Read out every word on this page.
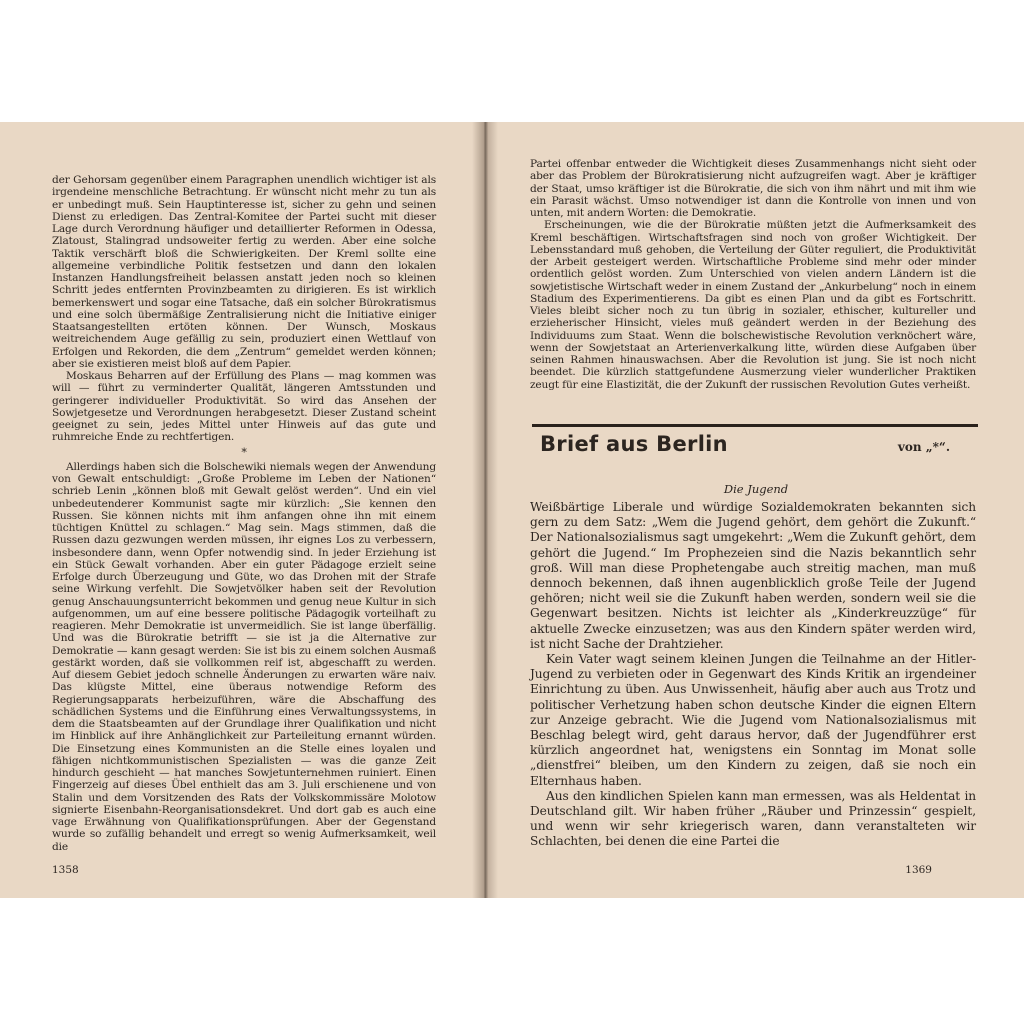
der Gehorsam gegenüber einem Paragraphen unendlich wichtiger ist als irgendeine menschliche Betrachtung. Er wünscht nicht mehr zu tun als er unbedingt muß. Sein Hauptinteresse ist, sicher zu gehn und seinen Dienst zu erledigen. Das Zentral-Komitee der Partei sucht mit dieser Lage durch Verordnung häufiger und detaillierter Reformen in Odessa, Zlatoust, Stalingrad undsoweiter fertig zu werden. Aber eine solche Taktik verschärft bloß die Schwierigkeiten. Der Kreml sollte eine allgemeine verbindliche Politik festsetzen und dann den lokalen Instanzen Handlungsfreiheit belassen anstatt jeden noch so kleinen Schritt jedes entfernten Provinzbeamten zu dirigieren. Es ist wirklich bemerkenswert und sogar eine Tatsache, daß ein solcher Bürokratismus und eine solch übermäßige Zentralisierung nicht die Initiative einiger Staatsangestellten ertöten können. Der Wunsch, Moskaus weitreichendem Auge gefällig zu sein, produziert einen Wettlauf von Erfolgen und Rekorden, die dem „Zentrum“ gemeldet werden können; aber sie existieren meist bloß auf dem Papier.

Moskaus Beharren auf der Erfüllung des Plans — mag kommen was will — führt zu verminderter Qualität, längeren Amtsstunden und geringerer individueller Produktivität. So wird das Ansehen der Sowjetgesetze und Verordnungen herabgesetzt. Dieser Zustand scheint geeignet zu sein, jedes Mittel unter Hinweis auf das gute und ruhmreiche Ende zu rechtfertigen.

*

Allerdings haben sich die Bolschewiki niemals wegen der Anwendung von Gewalt entschuldigt: „Große Probleme im Leben der Nationen“ schrieb Lenin „können bloß mit Gewalt gelöst werden“. Und ein viel unbedeutenderer Kommunist sagte mir kürzlich: „Sie kennen den Russen. Sie können nichts mit ihm anfangen ohne ihn mit einem tüchtigen Knüttel zu schlagen.“ Mag sein. Mags stimmen, daß die Russen dazu gezwungen werden müssen, ihr eignes Los zu verbessern, insbesondere dann, wenn Opfer notwendig sind. In jeder Erziehung ist ein Stück Gewalt vorhanden. Aber ein guter Pädagoge erzielt seine Erfolge durch Überzeugung und Güte, wo das Drohen mit der Strafe seine Wirkung verfehlt. Die Sowjetvölker haben seit der Revolution genug Anschauungsunterricht bekommen und genug neue Kultur in sich aufgenommen, um auf eine bessere politische Pädagogik vorteilhaft zu reagieren. Mehr Demokratie ist unvermeidlich. Sie ist lange überfällig. Und was die Bürokratie betrifft — sie ist ja die Alternative zur Demokratie — kann gesagt werden: Sie ist bis zu einem solchen Ausmaß gestärkt worden, daß sie vollkommen reif ist, abgeschafft zu werden. Auf diesem Gebiet jedoch schnelle Änderungen zu erwarten wäre naiv. Das klügste Mittel, eine überaus notwendige Reform des Regierungsapparats herbeizuführen, wäre die Abschaffung des schädlichen Systems und die Einführung eines Verwaltungssystems, in dem die Staatsbeamten auf der Grundlage ihrer Qualifikation und nicht im Hinblick auf ihre Anhänglichkeit zur Parteileitung ernannt würden. Die Einsetzung eines Kommunisten an die Stelle eines loyalen und fähigen nichtkommunistischen Spezialisten — was die ganze Zeit hindurch geschieht — hat manches Sowjetunternehmen ruiniert. Einen Fingerzeig auf dieses Übel enthielt das am 3. Juli erschienene und von Stalin und dem Vorsitzenden des Rats der Volkskommissäre Molotow signierte Eisenbahn-Reorganisationsdekret. Und dort gab es auch eine vage Erwähnung von Qualifikationsprüfungen. Aber der Gegenstand wurde so zufällig behandelt und erregt so wenig Aufmerksamkeit, weil die

1358

Partei offenbar entweder die Wichtigkeit dieses Zusammenhangs nicht sieht oder aber das Problem der Bürokratisierung nicht aufzugreifen wagt. Aber je kräftiger der Staat, umso kräftiger ist die Bürokratie, die sich von ihm nährt und mit ihm wie ein Parasit wächst. Umso notwendiger ist dann die Kontrolle von innen und von unten, mit andern Worten: die Demokratie.

Erscheinungen, wie die der Bürokratie müßten jetzt die Aufmerksamkeit des Kreml beschäftigen. Wirtschaftsfragen sind noch von großer Wichtigkeit. Der Lebensstandard muß gehoben, die Verteilung der Güter reguliert, die Produktivität der Arbeit gesteigert werden. Wirtschaftliche Probleme sind mehr oder minder ordentlich gelöst worden. Zum Unterschied von vielen andern Ländern ist die sowjetistische Wirtschaft weder in einem Zustand der „Ankurbelung“ noch in einem Stadium des Experimentierens. Da gibt es einen Plan und da gibt es Fortschritt. Vieles bleibt sicher noch zu tun übrig in sozialer, ethischer, kultureller und erzieherischer Hinsicht, vieles muß geändert werden in der Beziehung des Individuums zum Staat. Wenn die bolschewistische Revolution verknöchert wäre, wenn der Sowjetstaat an Arterienverkalkung litte, würden diese Aufgaben über seinen Rahmen hinauswachsen. Aber die Revolution ist jung. Sie ist noch nicht beendet. Die kürzlich stattgefundene Ausmerzung vieler wunderlicher Praktiken zeugt für eine Elastizität, die der Zukunft der russischen Revolution Gutes verheißt.

Brief aus Berlin	von „*“.
Die Jugend

Weißbärtige Liberale und würdige Sozialdemokraten bekannten sich gern zu dem Satz: „Wem die Jugend gehört, dem gehört die Zukunft.“ Der Nationalsozialismus sagt umgekehrt: „Wem die Zukunft gehört, dem gehört die Jugend.“ Im Prophezeien sind die Nazis bekanntlich sehr groß. Will man diese Prophetengabe auch streitig machen, man muß dennoch bekennen, daß ihnen augenblicklich große Teile der Jugend gehören; nicht weil sie die Zukunft haben werden, sondern weil sie die Gegenwart besitzen. Nichts ist leichter als „Kinderkreuzzüge“ für aktuelle Zwecke einzusetzen; was aus den Kindern später werden wird, ist nicht Sache der Drahtzieher.

Kein Vater wagt seinem kleinen Jungen die Teilnahme an der Hitler-Jugend zu verbieten oder in Gegenwart des Kinds Kritik an irgendeiner Einrichtung zu üben. Aus Unwissenheit, häufig aber auch aus Trotz und politischer Verhetzung haben schon deutsche Kinder die eignen Eltern zur Anzeige gebracht. Wie die Jugend vom Nationalsozialismus mit Beschlag belegt wird, geht daraus hervor, daß der Jugendführer erst kürzlich angeordnet hat, wenigstens ein Sonntag im Monat solle „dienstfrei“ bleiben, um den Kindern zu zeigen, daß sie noch ein Elternhaus haben.

Aus den kindlichen Spielen kann man ermessen, was als Heldentat in Deutschland gilt. Wir haben früher „Räuber und Prinzessin“ gespielt, und wenn wir sehr kriegerisch waren, dann veranstalteten wir Schlachten, bei denen die eine Partei die

1369
